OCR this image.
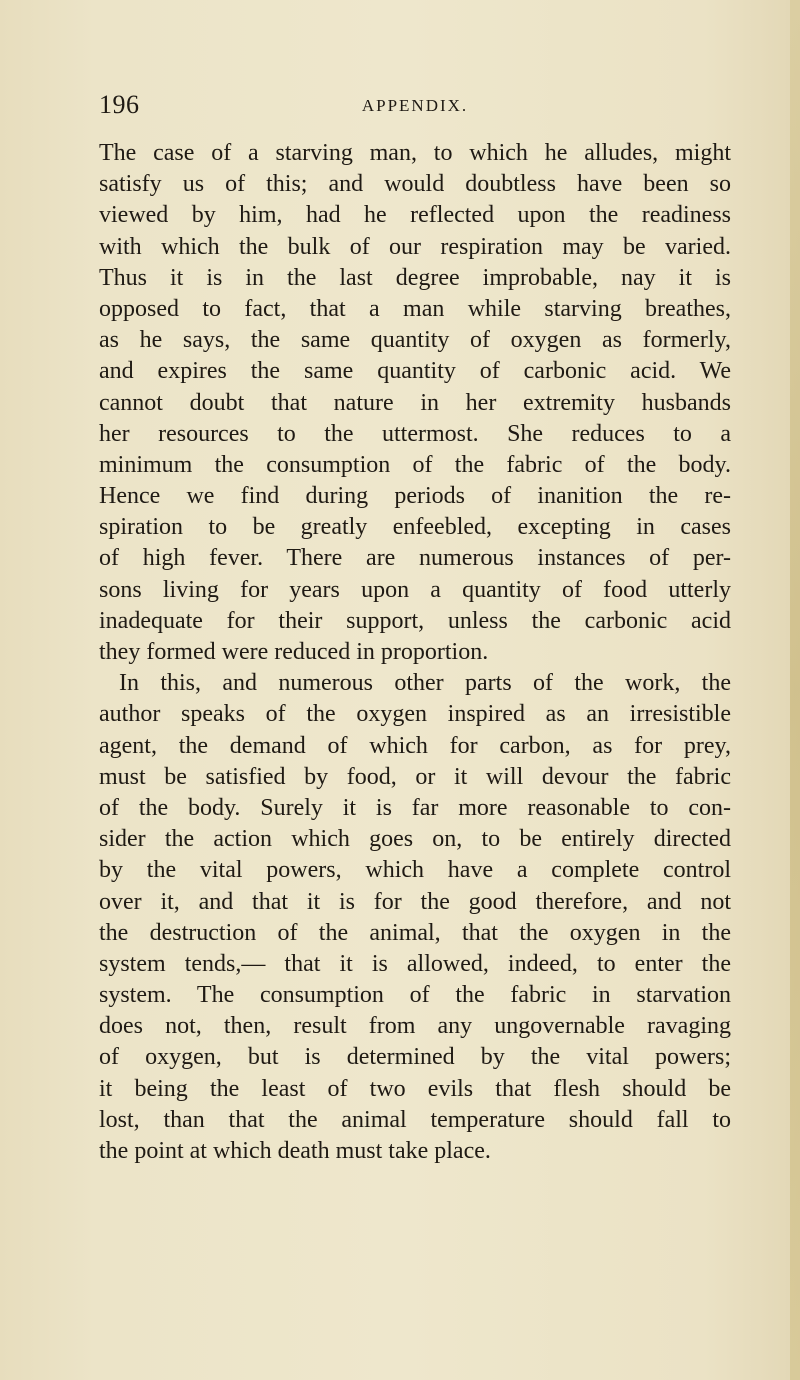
196	APPENDIX.
The case of a starving man, to which he alludes, might
satisfy us of this; and would doubtless have been so
viewed by him, had he reflected upon the readiness
with which the bulk of our respiration may be varied.
Thus it is in the last degree improbable, nay it is
opposed to fact, that a man while starving breathes,
as he says, the same quantity of oxygen as formerly,
and expires the same quantity of carbonic acid. We
cannot doubt that nature in her extremity husbands
her resources to the uttermost. She reduces to a
minimum the consumption of the fabric of the body.
Hence we find during periods of inanition the re-
spiration to be greatly enfeebled, excepting in cases
of high fever. There are numerous instances of per-
sons living for years upon a quantity of food utterly
inadequate for their support, unless the carbonic acid
they formed were reduced in proportion.
In this, and numerous other parts of the work, the
author speaks of the oxygen inspired as an irresistible
agent, the demand of which for carbon, as for prey,
must be satisfied by food, or it will devour the fabric
of the body. Surely it is far more reasonable to con-
sider the action which goes on, to be entirely directed
by the vital powers, which have a complete control
over it, and that it is for the good therefore, and not
the destruction of the animal, that the oxygen in the
system tends,— that it is allowed, indeed, to enter the
system. The consumption of the fabric in starvation
does not, then, result from any ungovernable ravaging
of oxygen, but is determined by the vital powers;
it being the least of two evils that flesh should be
lost, than that the animal temperature should fall to
the point at which death must take place.
